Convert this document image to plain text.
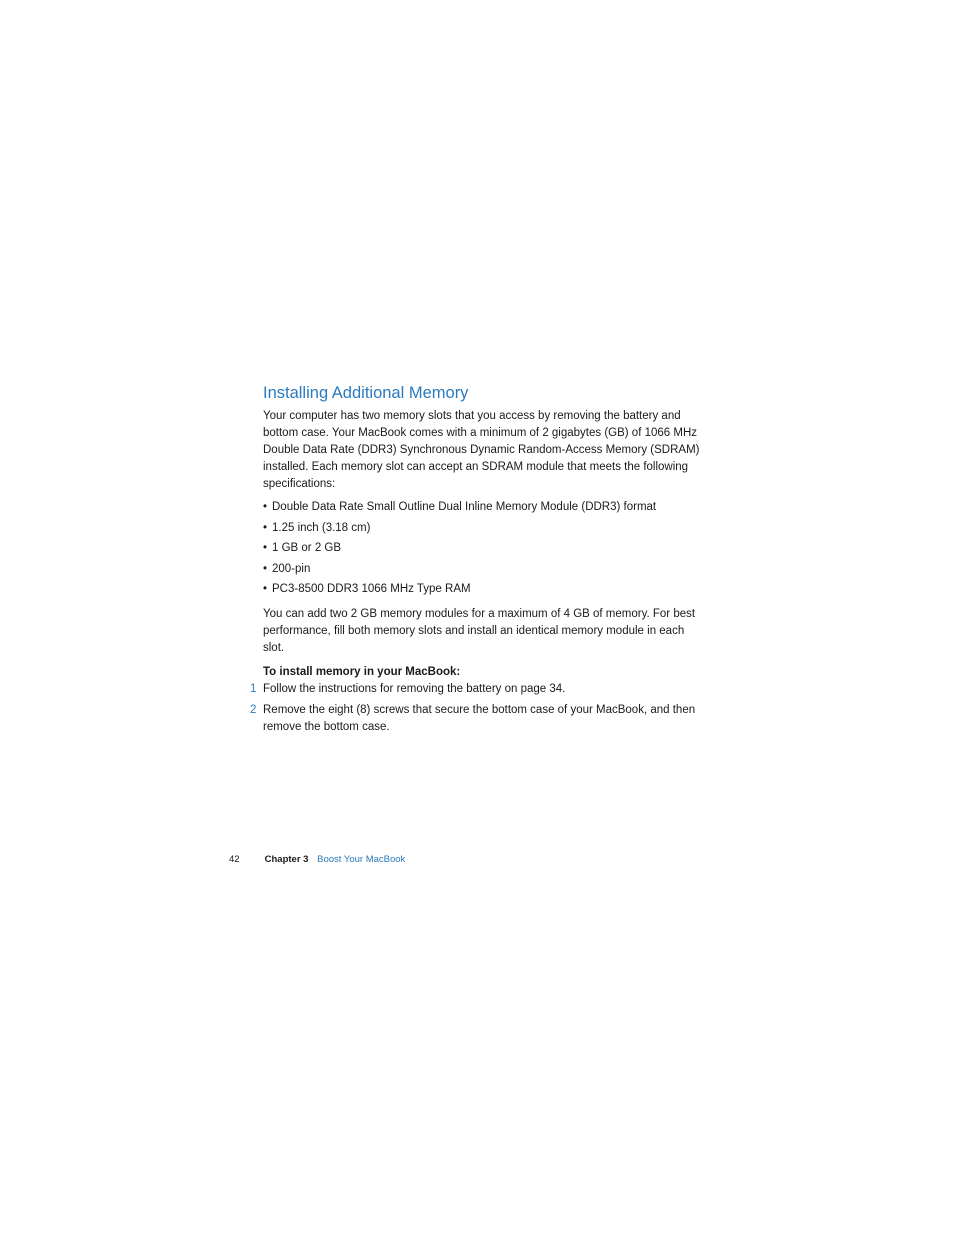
Installing Additional Memory

Your computer has two memory slots that you access by removing the battery and bottom case. Your MacBook comes with a minimum of 2 gigabytes (GB) of 1066 MHz Double Data Rate (DDR3) Synchronous Dynamic Random-Access Memory (SDRAM) installed. Each memory slot can accept an SDRAM module that meets the following specifications:

• Double Data Rate Small Outline Dual Inline Memory Module (DDR3) format
• 1.25 inch (3.18 cm)
• 1 GB or 2 GB
• 200-pin
• PC3-8500 DDR3 1066 MHz Type RAM

You can add two 2 GB memory modules for a maximum of 4 GB of memory. For best performance, fill both memory slots and install an identical memory module in each slot.

To install memory in your MacBook:

1 Follow the instructions for removing the battery on page 34.
2 Remove the eight (8) screws that secure the bottom case of your MacBook, and then remove the bottom case.
42	Chapter 3 Boost Your MacBook
